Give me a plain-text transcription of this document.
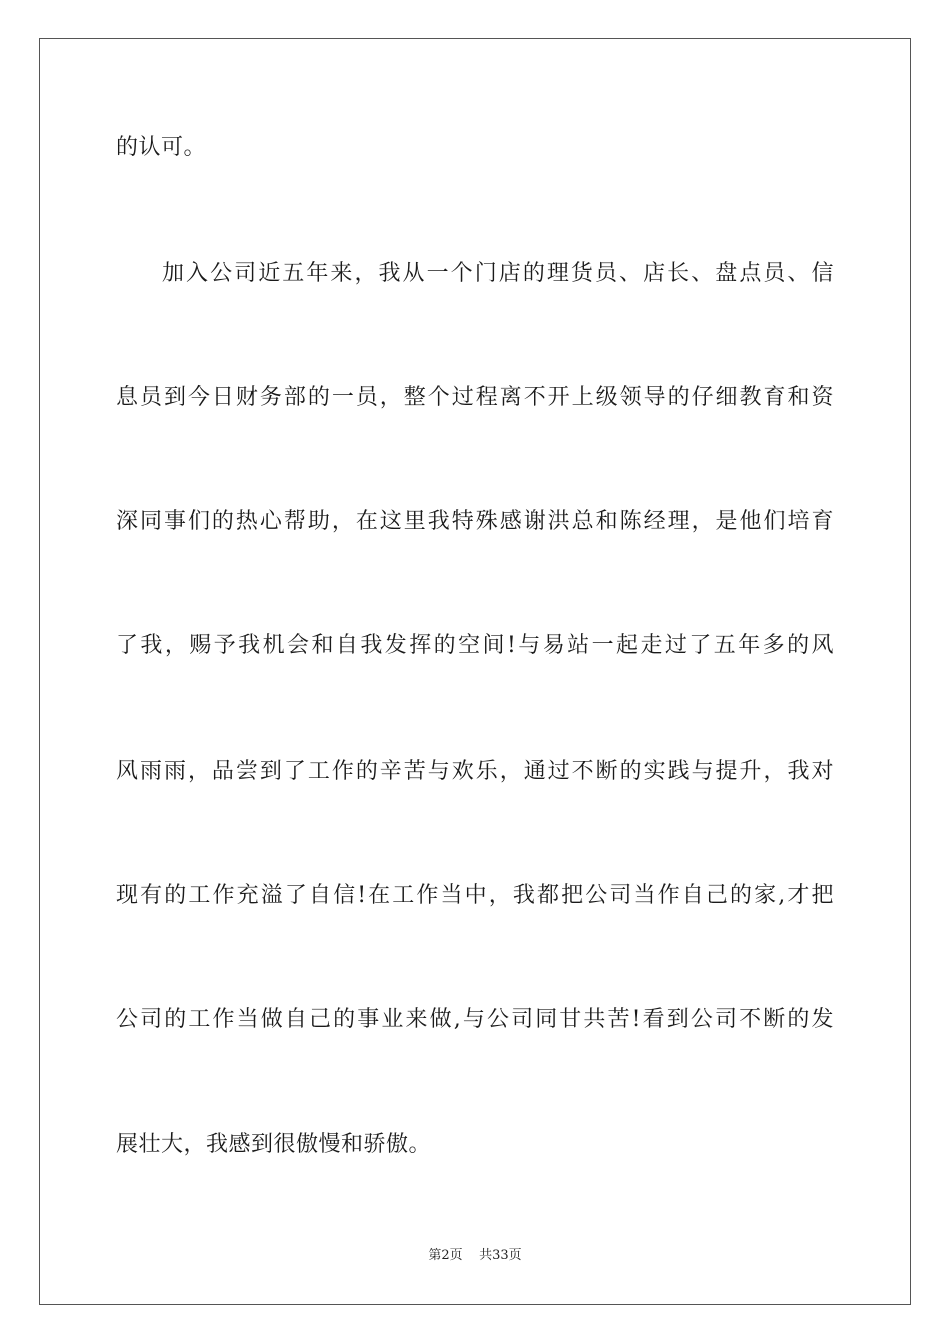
的认可。
加入公司近五年来，我从一个门店的理货员、店长、盘点员、信
息员到今日财务部的一员，整个过程离不开上级领导的仔细教育和资
深同事们的热心帮助，在这里我特殊感谢洪总和陈经理，是他们培育
了我，赐予我机会和自我发挥的空间!与易站一起走过了五年多的风
风雨雨，品尝到了工作的辛苦与欢乐，通过不断的实践与提升，我对
现有的工作充溢了自信!在工作当中，我都把公司当作自己的家,才把
公司的工作当做自己的事业来做,与公司同甘共苦!看到公司不断的发
展壮大，我感到很傲慢和骄傲。
第2页 共33页
